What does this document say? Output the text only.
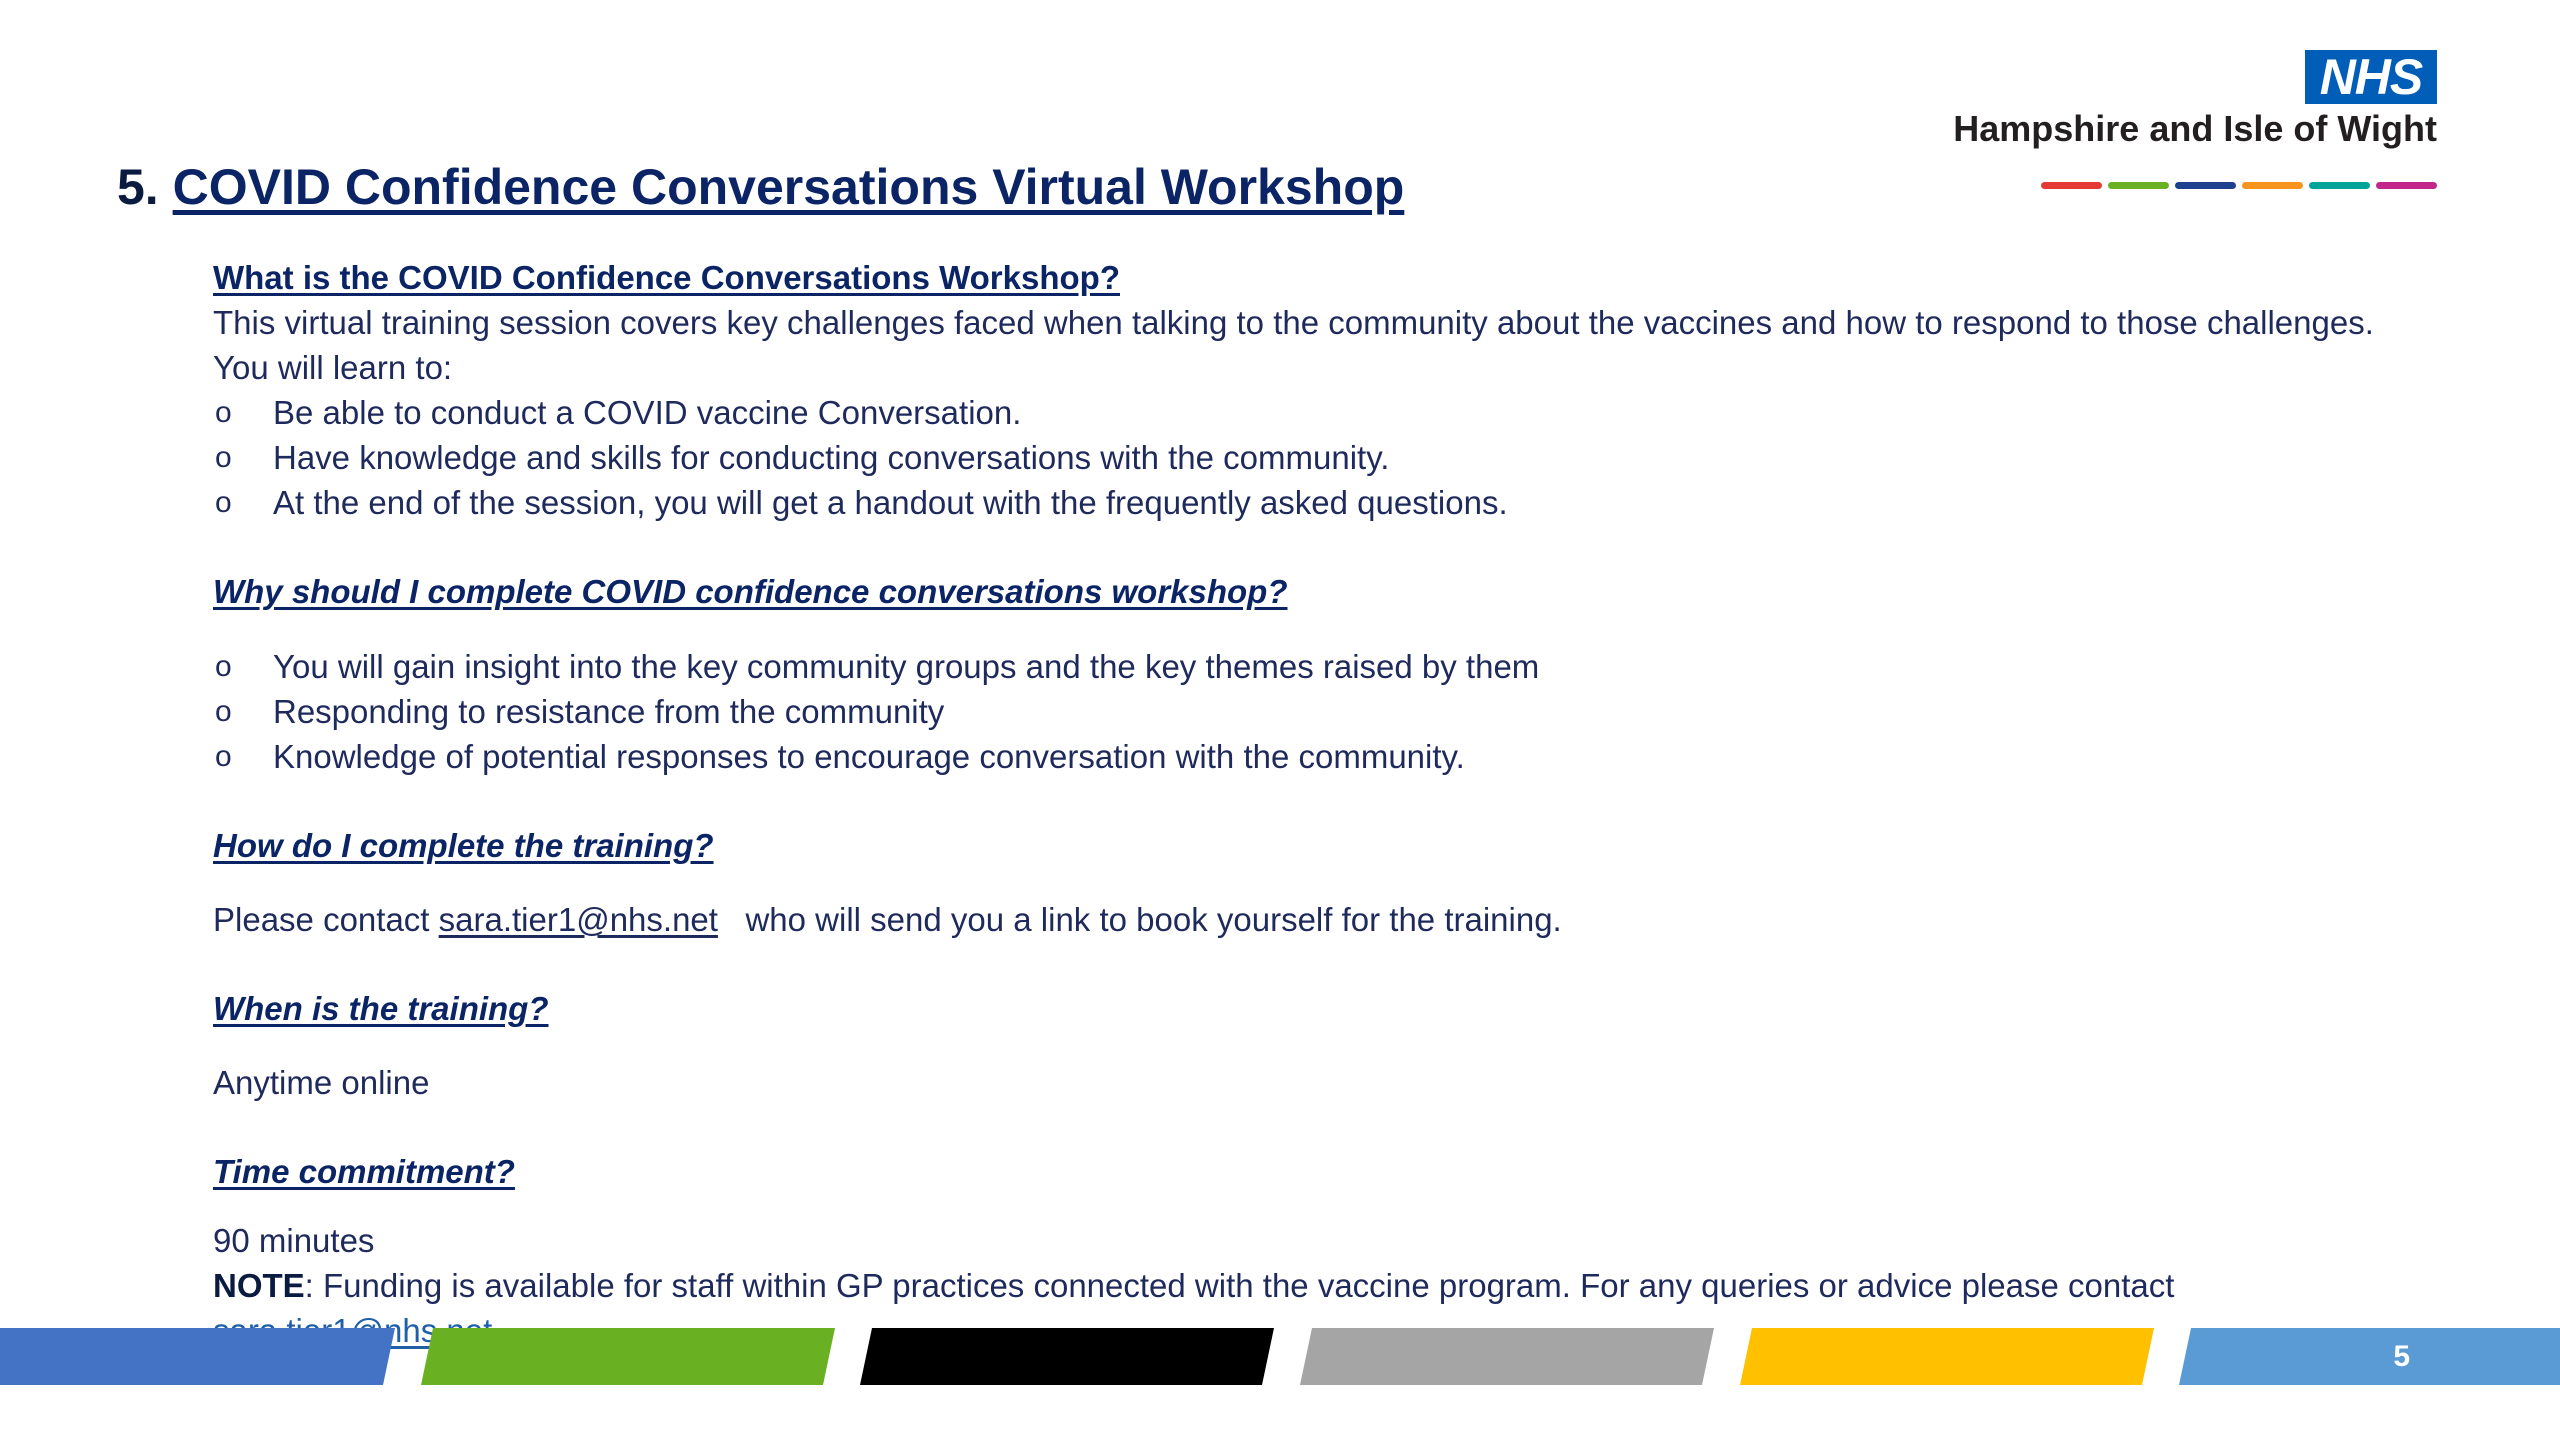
NHS
Hampshire and Isle of Wight
5. COVID Confidence Conversations Virtual Workshop
What is the COVID Confidence Conversations Workshop?
This virtual training session covers key challenges faced when talking to the community about the vaccines and how to respond to those challenges. You will learn to:
o Be able to conduct a COVID vaccine Conversation.
o Have knowledge and skills for conducting conversations with the community.
o At the end of the session, you will get a handout with the frequently asked questions.
Why should I complete COVID confidence conversations workshop?
o You will gain insight into the key community groups and the key themes raised by them
o Responding to resistance from the community
o Knowledge of potential responses to encourage conversation with the community.
How do I complete the training?
Please contact sara.tier1@nhs.net   who will send you a link to book yourself for the training.
When is the training?
Anytime online
Time commitment?
90 minutes
NOTE: Funding is available for staff within GP practices connected with the vaccine program. For any queries or advice please contact
5
